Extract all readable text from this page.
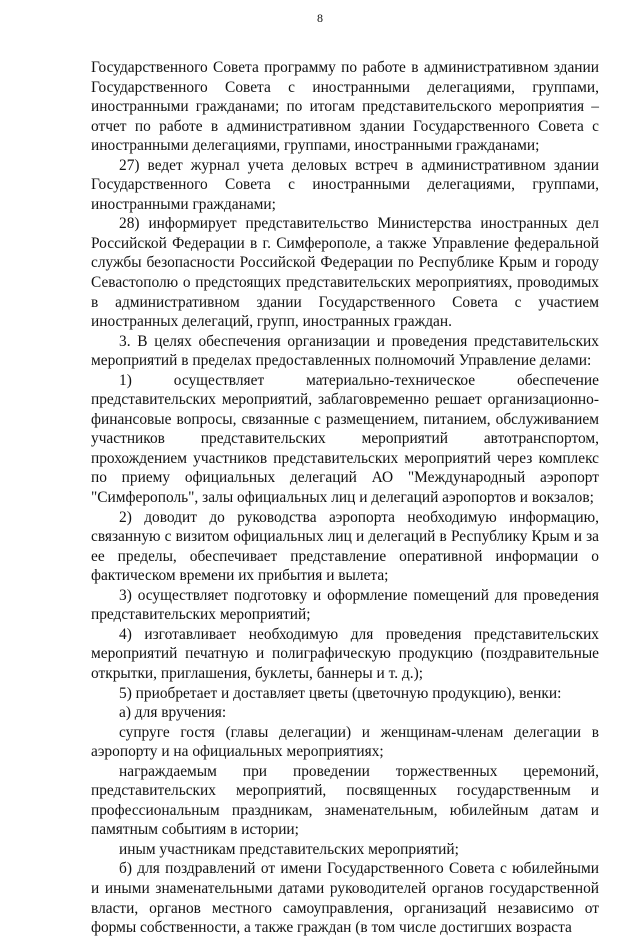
8

Государственного Совета программу по работе в административном здании Государственного Совета с иностранными делегациями, группами, иностранными гражданами; по итогам представительского мероприятия – отчет по работе в административном здании Государственного Совета с иностранными делегациями, группами, иностранными гражданами;

27) ведет журнал учета деловых встреч в административном здании Государственного Совета с иностранными делегациями, группами, иностранными гражданами;

28) информирует представительство Министерства иностранных дел Российской Федерации в г. Симферополе, а также Управление федеральной службы безопасности Российской Федерации по Республике Крым и городу Севастополю о предстоящих представительских мероприятиях, проводимых в административном здании Государственного Совета с участием иностранных делегаций, групп, иностранных граждан.

3. В целях обеспечения организации и проведения представительских мероприятий в пределах предоставленных полномочий Управление делами:

1) осуществляет материально-техническое обеспечение представительских мероприятий, заблаговременно решает организационно-финансовые вопросы, связанные с размещением, питанием, обслуживанием участников представительских мероприятий автотранспортом, прохождением участников представительских мероприятий через комплекс по приему официальных делегаций АО "Международный аэропорт "Симферополь", залы официальных лиц и делегаций аэропортов и вокзалов;

2) доводит до руководства аэропорта необходимую информацию, связанную с визитом официальных лиц и делегаций в Республику Крым и за ее пределы, обеспечивает представление оперативной информации о фактическом времени их прибытия и вылета;

3) осуществляет подготовку и оформление помещений для проведения представительских мероприятий;

4) изготавливает необходимую для проведения представительских мероприятий печатную и полиграфическую продукцию (поздравительные открытки, приглашения, буклеты, баннеры и т. д.);

5) приобретает и доставляет цветы (цветочную продукцию), венки:

а) для вручения:

супруге гостя (главы делегации) и женщинам-членам делегации в аэропорту и на официальных мероприятиях;

награждаемым при проведении торжественных церемоний, представительских мероприятий, посвященных государственным и профессиональным праздникам, знаменательным, юбилейным датам и памятным событиям в истории;

иным участникам представительских мероприятий;

б) для поздравлений от имени Государственного Совета с юбилейными и иными знаменательными датами руководителей органов государственной власти, органов местного самоуправления, организаций независимо от формы собственности, а также граждан (в том числе достигших возраста
